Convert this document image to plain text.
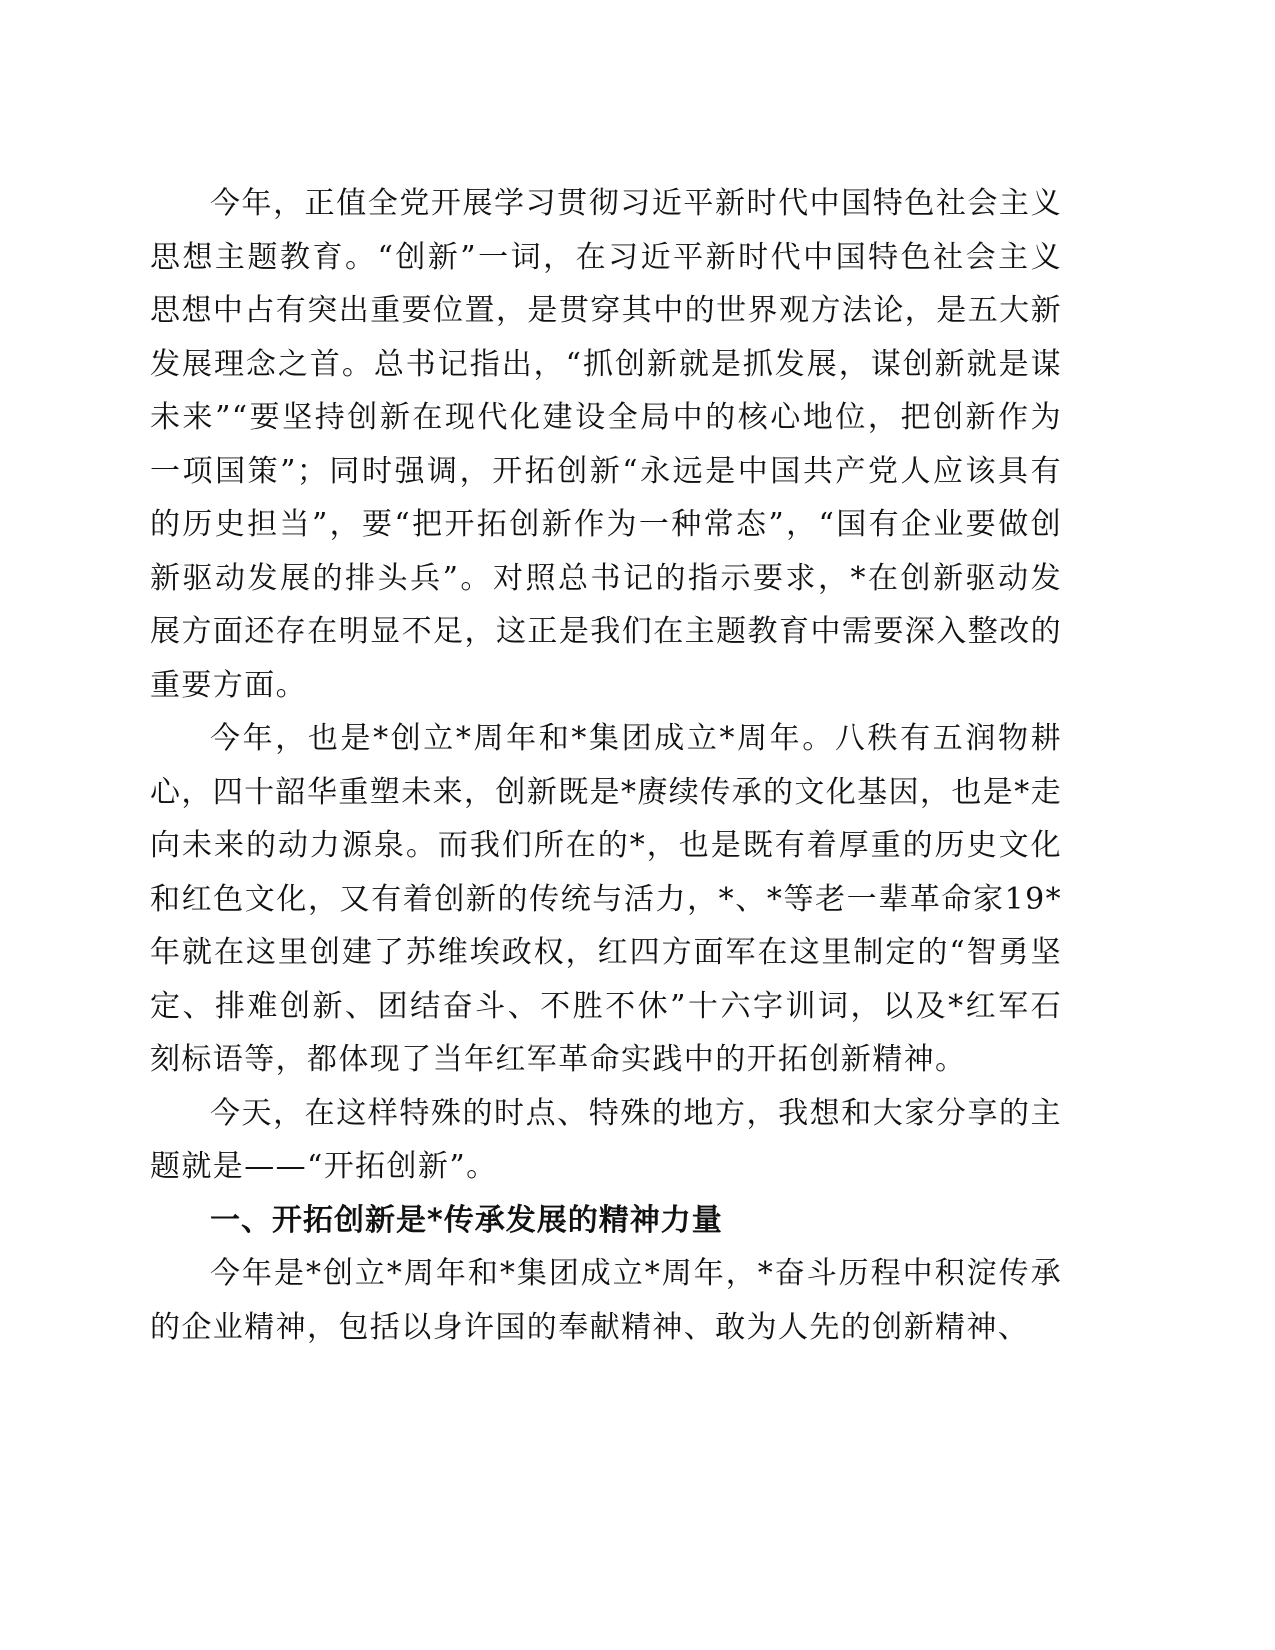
今年，正值全党开展学习贯彻习近平新时代中国特色社会主义思想主题教育。“创新”一词，在习近平新时代中国特色社会主义思想中占有突出重要位置，是贯穿其中的世界观方法论，是五大新发展理念之首。总书记指出，“抓创新就是抓发展，谋创新就是谋未来”“要坚持创新在现代化建设全局中的核心地位，把创新作为一项国策”；同时强调，开拓创新“永远是中国共产党人应该具有的历史担当”，要“把开拓创新作为一种常态”，“国有企业要做创新驱动发展的排头兵”。对照总书记的指示要求，*在创新驱动发展方面还存在明显不足，这正是我们在主题教育中需要深入整改的重要方面。

今年，也是*创立*周年和*集团成立*周年。八秩有五润物耕心，四十韶华重塑未来，创新既是*赓续传承的文化基因，也是*走向未来的动力源泉。而我们所在的*，也是既有着厚重的历史文化和红色文化，又有着创新的传统与活力，*、*等老一辈革命家19*年就在这里创建了苏维埃政权，红四方面军在这里制定的“智勇坚定、排难创新、团结奋斗、不胜不休”十六字训词，以及*红军石刻标语等，都体现了当年红军革命实践中的开拓创新精神。

今天，在这样特殊的时点、特殊的地方，我想和大家分享的主题就是——“开拓创新”。

一、开拓创新是*传承发展的精神力量

今年是*创立*周年和*集团成立*周年，*奋斗历程中积淀传承的企业精神，包括以身许国的奉献精神、敢为人先的创新精神、
